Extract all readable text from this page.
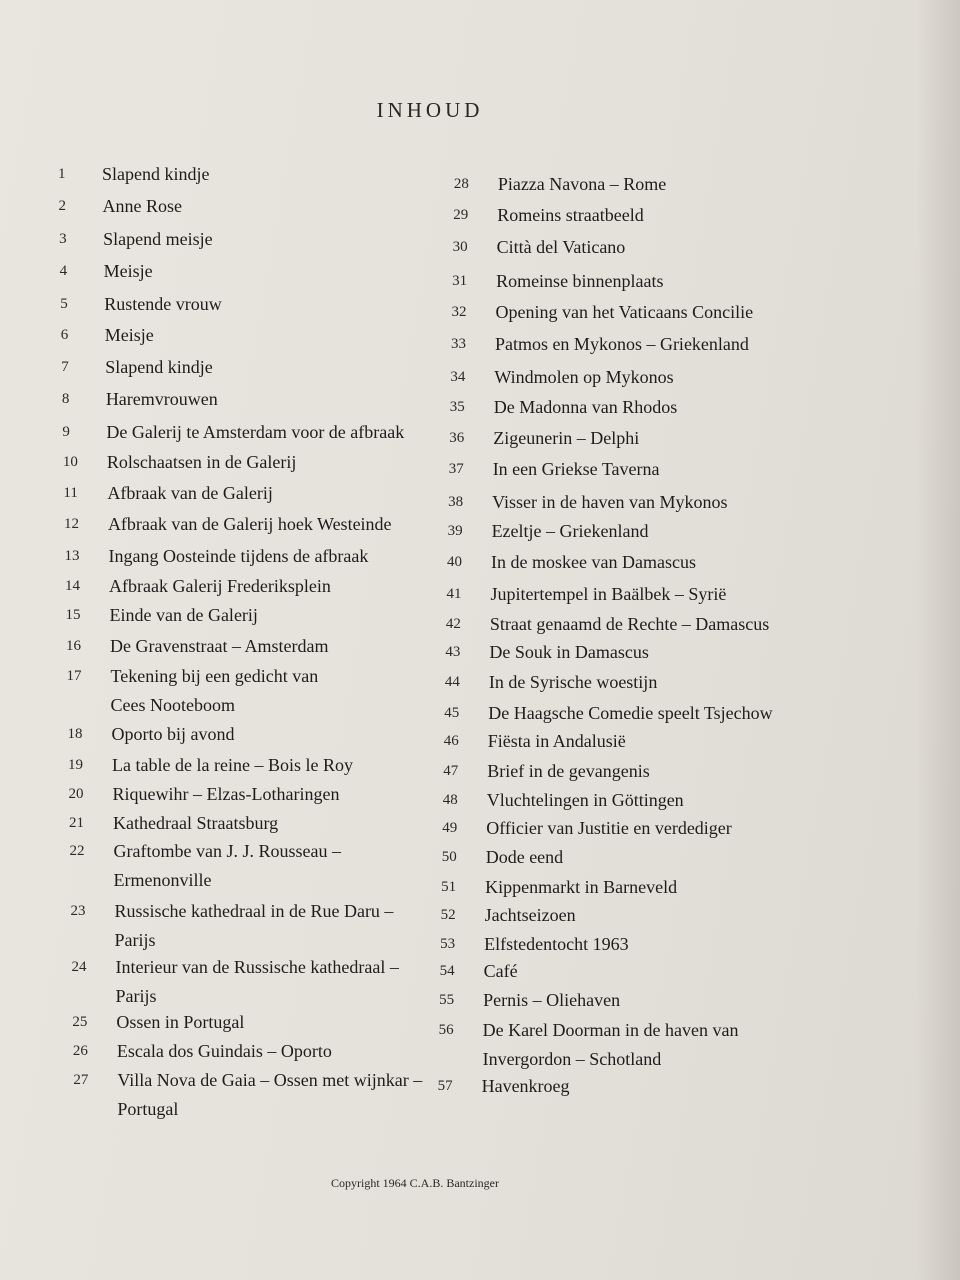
INHOUD
1	Slapend kindje
2	Anne Rose
3	Slapend meisje
4	Meisje
5	Rustende vrouw
6	Meisje
7	Slapend kindje
8	Haremvrouwen
9	De Galerij te Amsterdam voor de afbraak
10	Rolschaatsen in de Galerij
11	Afbraak van de Galerij
12	Afbraak van de Galerij hoek Westeinde
13	Ingang Oosteinde tijdens de afbraak
14	Afbraak Galerij Frederiksplein
15	Einde van de Galerij
16	De Gravenstraat – Amsterdam
17	Tekening bij een gedicht van
Cees Nooteboom
18	Oporto bij avond
19	La table de la reine – Bois le Roy
20	Riquewihr – Elzas-Lotharingen
21	Kathedraal Straatsburg
22	Graftombe van J. J. Rousseau –
Ermenonville
23	Russische kathedraal in de Rue Daru –
Parijs
24	Interieur van de Russische kathedraal –
Parijs
25	Ossen in Portugal
26	Escala dos Guindais – Oporto
27	Villa Nova de Gaia – Ossen met wijnkar –
Portugal
28	Piazza Navona – Rome
29	Romeins straatbeeld
30	Città del Vaticano
31	Romeinse binnenplaats
32	Opening van het Vaticaans Concilie
33	Patmos en Mykonos – Griekenland
34	Windmolen op Mykonos
35	De Madonna van Rhodos
36	Zigeunerin – Delphi
37	In een Griekse Taverna
38	Visser in de haven van Mykonos
39	Ezeltje – Griekenland
40	In de moskee van Damascus
41	Jupitertempel in Baälbek – Syrië
42	Straat genaamd de Rechte – Damascus
43	De Souk in Damascus
44	In de Syrische woestijn
45	De Haagsche Comedie speelt Tsjechow
46	Fiësta in Andalusië
47	Brief in de gevangenis
48	Vluchtelingen in Göttingen
49	Officier van Justitie en verdediger
50	Dode eend
51	Kippenmarkt in Barneveld
52	Jachtseizoen
53	Elfstedentocht 1963
54	Café
55	Pernis – Oliehaven
56	De Karel Doorman in de haven van
Invergordon – Schotland
57	Havenkroeg
Copyright 1964 C.A.B. Bantzinger
